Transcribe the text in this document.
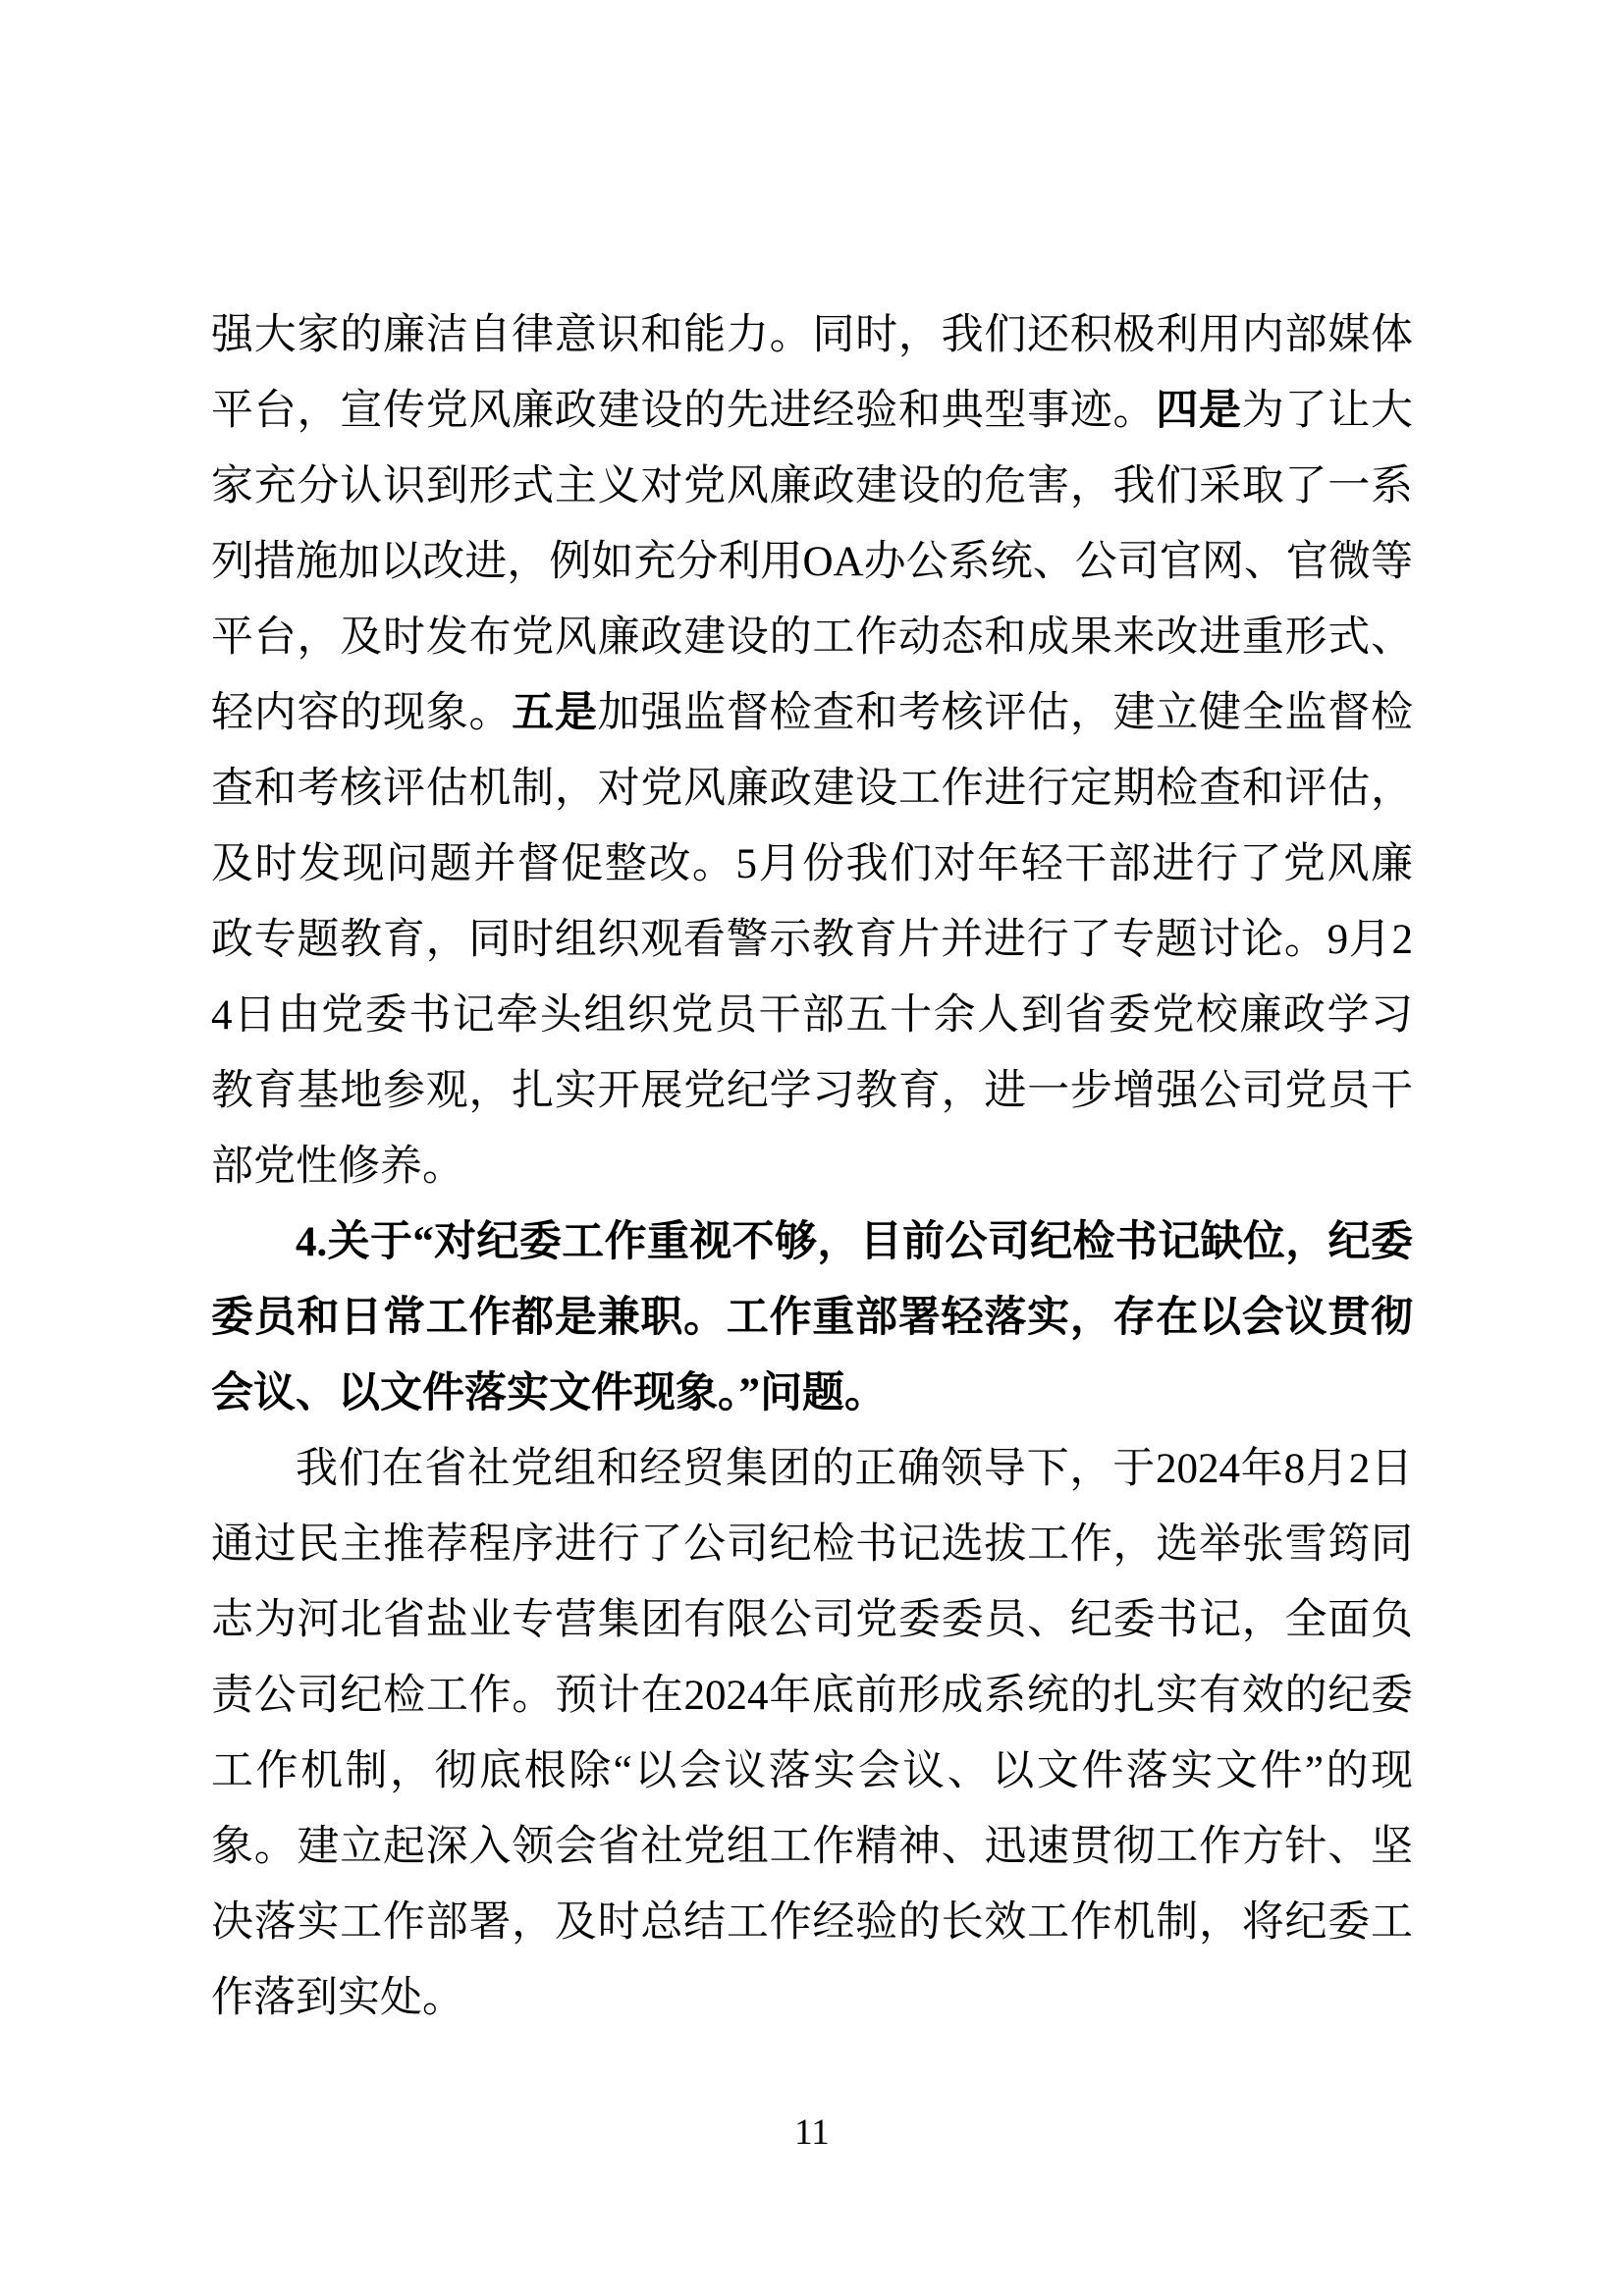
强大家的廉洁自律意识和能力。同时，我们还积极利用内部媒体平台，宣传党风廉政建设的先进经验和典型事迹。四是为了让大家充分认识到形式主义对党风廉政建设的危害，我们采取了一系列措施加以改进，例如充分利用OA办公系统、公司官网、官微等平台，及时发布党风廉政建设的工作动态和成果来改进重形式、轻内容的现象。五是加强监督检查和考核评估，建立健全监督检查和考核评估机制，对党风廉政建设工作进行定期检查和评估，及时发现问题并督促整改。5月份我们对年轻干部进行了党风廉政专题教育，同时组织观看警示教育片并进行了专题讨论。9月24日由党委书记牵头组织党员干部五十余人到省委党校廉政学习教育基地参观，扎实开展党纪学习教育，进一步增强公司党员干部党性修养。

4.关于“对纪委工作重视不够，目前公司纪检书记缺位，纪委委员和日常工作都是兼职。工作重部署轻落实，存在以会议贯彻会议、以文件落实文件现象。”问题。

我们在省社党组和经贸集团的正确领导下，于2024年8月2日通过民主推荐程序进行了公司纪检书记选拔工作，选举张雪筠同志为河北省盐业专营集团有限公司党委委员、纪委书记，全面负责公司纪检工作。预计在2024年底前形成系统的扎实有效的纪委工作机制，彻底根除“以会议落实会议、以文件落实文件”的现象。建立起深入领会省社党组工作精神、迅速贯彻工作方针、坚决落实工作部署，及时总结工作经验的长效工作机制，将纪委工作落到实处。

11
